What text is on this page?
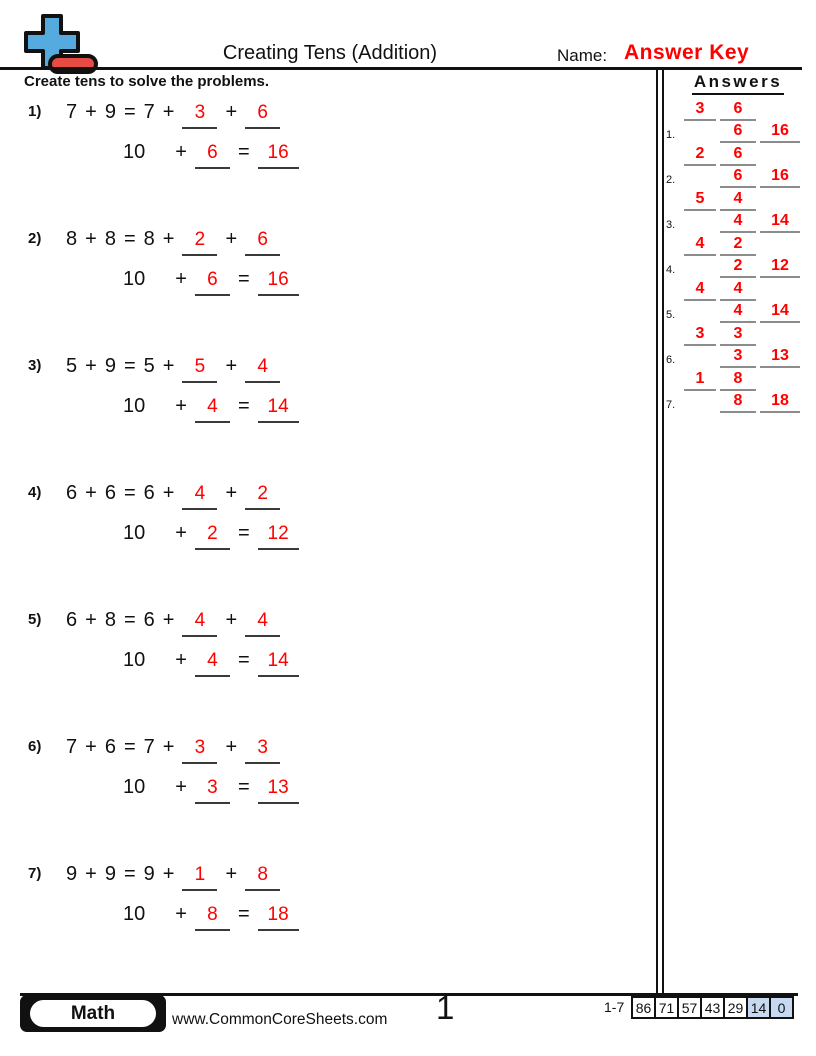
Creating Tens (Addition)	Name: Answer Key
Create tens to solve the problems.
1) 7 + 9 = 7 +	3	+	6
10 +	6	= 16
2) 8 + 8 = 8 +	2	+	6
10 +	6	= 16
3) 5 + 9 = 5 +	5	+	4
10 +	4	= 14
4) 6 + 6 = 6 +	4	+	2
10 +	2	= 12
5) 6 + 8 = 6 +	4	+	4
10 +	4	= 14
6) 7 + 6 = 7 +	3	+	3
10 +	3	= 13
7) 9 + 9 = 9 +	1	+	8
10 +	8	= 18
Answers
3	6
1.	6	16
2	6
2.	6	16
5	4
3.	4	14
4	2
4.	2	12
4	4
5.	4	14
3	3
6.	3	13
1	8
7.	8	18
Math	www.CommonCoreSheets.com 1	1-7 86 71 57 43 29 14 0
